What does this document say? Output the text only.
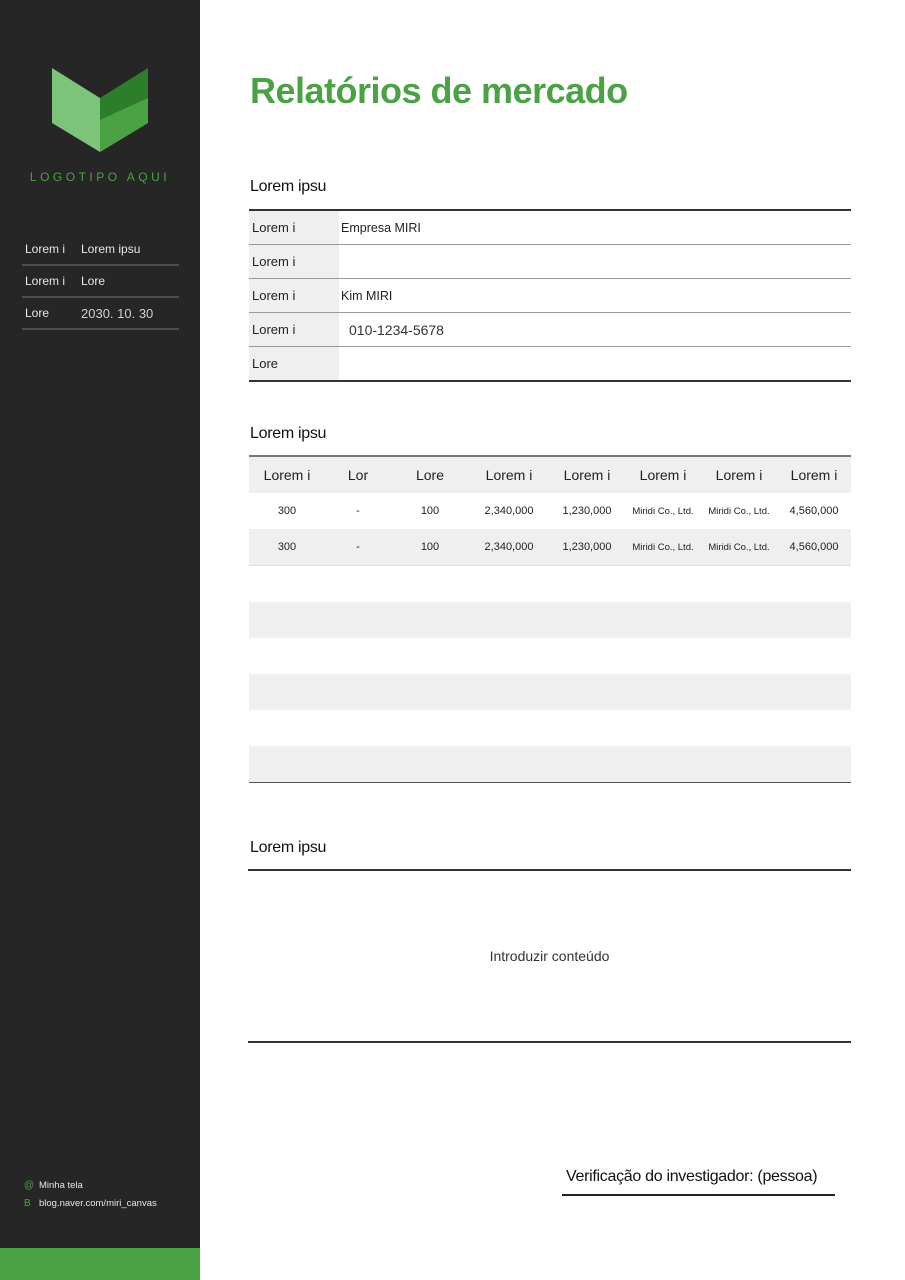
LOGOTIPO AQUI
Lorem i	Lorem ipsu
Lorem i	Lore
Lore	2030. 10. 30
@ Minha tela
B blog.naver.com/miri_canvas
Relatórios de mercado
Lorem ipsu
Lorem i	Empresa MIRI
Lorem i	
Lorem i	Kim MIRI
Lorem i	010-1234-5678
Lore	
Lorem ipsu
Lorem i	Lor	Lore	Lorem i	Lorem i	Lorem i	Lorem i	Lorem i
300	-	100	2,340,000	1,230,000	Miridi Co., Ltd.	Miridi Co., Ltd.	4,560,000
300	-	100	2,340,000	1,230,000	Miridi Co., Ltd.	Miridi Co., Ltd.	4,560,000

Lorem ipsu
Introduzir conteúdo
Verificação do investigador: (pessoa)
